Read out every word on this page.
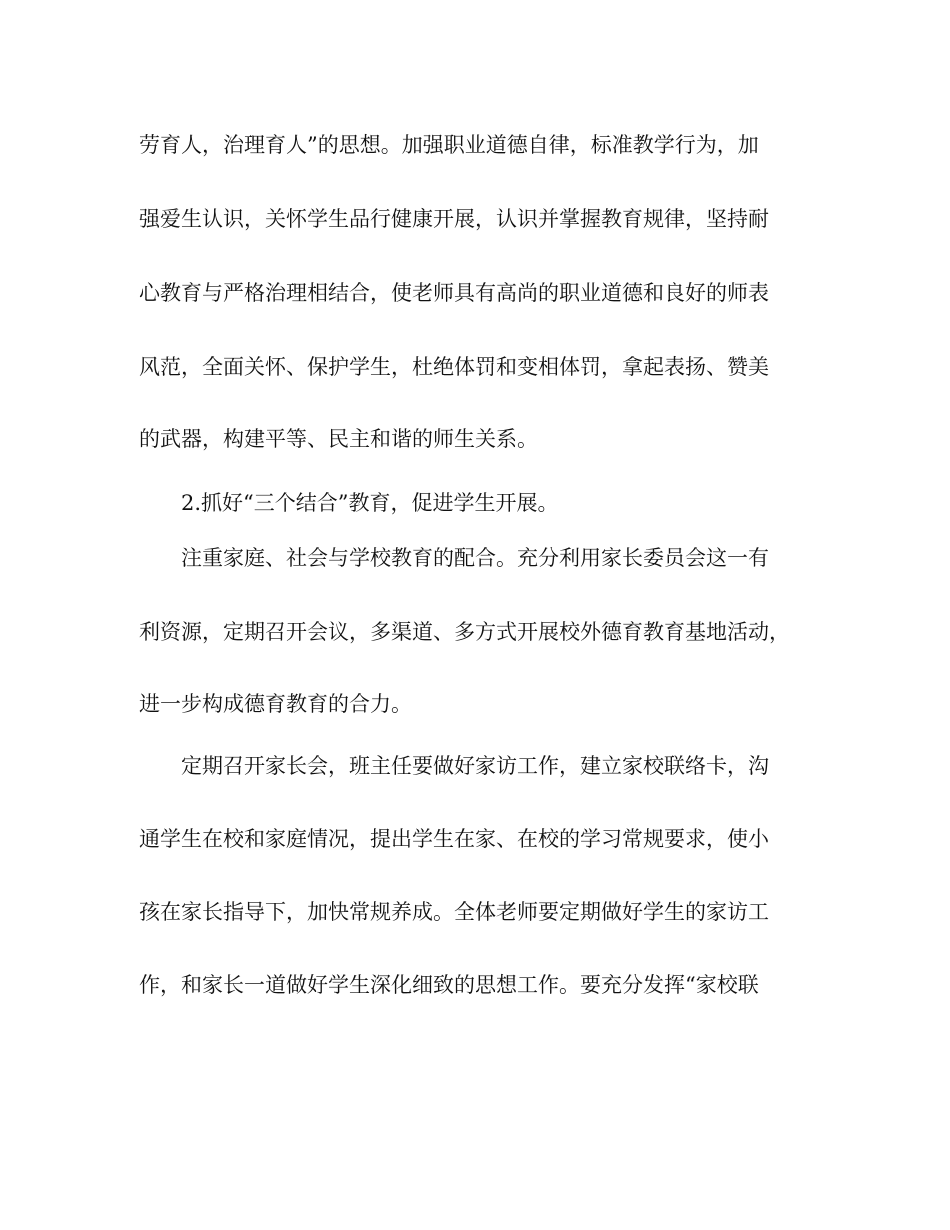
劳育人，治理育人”的思想。加强职业道德自律，标准教学行为，加
强爱生认识，关怀学生品行健康开展，认识并掌握教育规律，坚持耐
心教育与严格治理相结合，使老师具有高尚的职业道德和良好的师表
风范，全面关怀、保护学生，杜绝体罚和变相体罚，拿起表扬、赞美
的武器，构建平等、民主和谐的师生关系。
2.抓好“三个结合”教育，促进学生开展。
注重家庭、社会与学校教育的配合。充分利用家长委员会这一有
利资源，定期召开会议，多渠道、多方式开展校外德育教育基地活动，
进一步构成德育教育的合力。
定期召开家长会，班主任要做好家访工作，建立家校联络卡，沟
通学生在校和家庭情况，提出学生在家、在校的学习常规要求，使小
孩在家长指导下，加快常规养成。全体老师要定期做好学生的家访工
作，和家长一道做好学生深化细致的思想工作。要充分发挥“家校联
